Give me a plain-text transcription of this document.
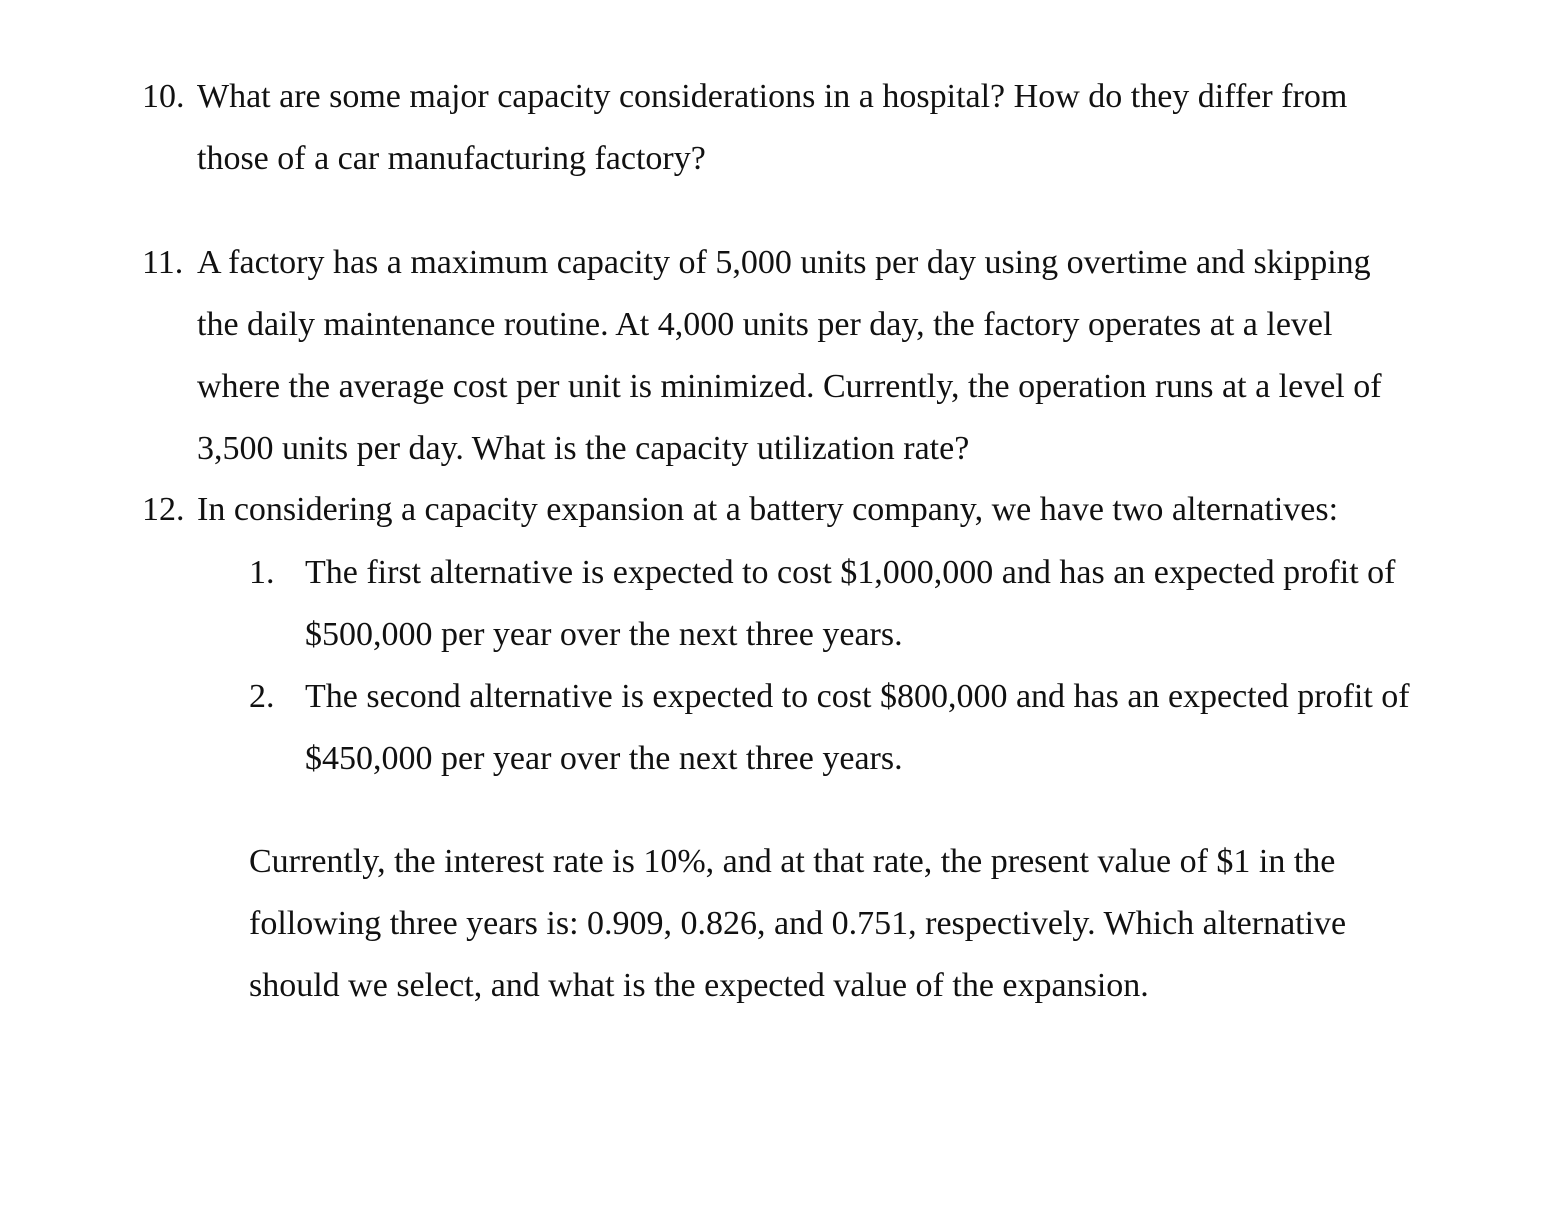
10. What are some major capacity considerations in a hospital? How do they differ from
those of a car manufacturing factory?
11. A factory has a maximum capacity of 5,000 units per day using overtime and skipping
the daily maintenance routine. At 4,000 units per day, the factory operates at a level
where the average cost per unit is minimized. Currently, the operation runs at a level of
3,500 units per day. What is the capacity utilization rate?
12. In considering a capacity expansion at a battery company, we have two alternatives:
1. The first alternative is expected to cost $1,000,000 and has an expected profit of
$500,000 per year over the next three years.
2. The second alternative is expected to cost $800,000 and has an expected profit of
$450,000 per year over the next three years.
Currently, the interest rate is 10%, and at that rate, the present value of $1 in the
following three years is: 0.909, 0.826, and 0.751, respectively. Which alternative
should we select, and what is the expected value of the expansion.
